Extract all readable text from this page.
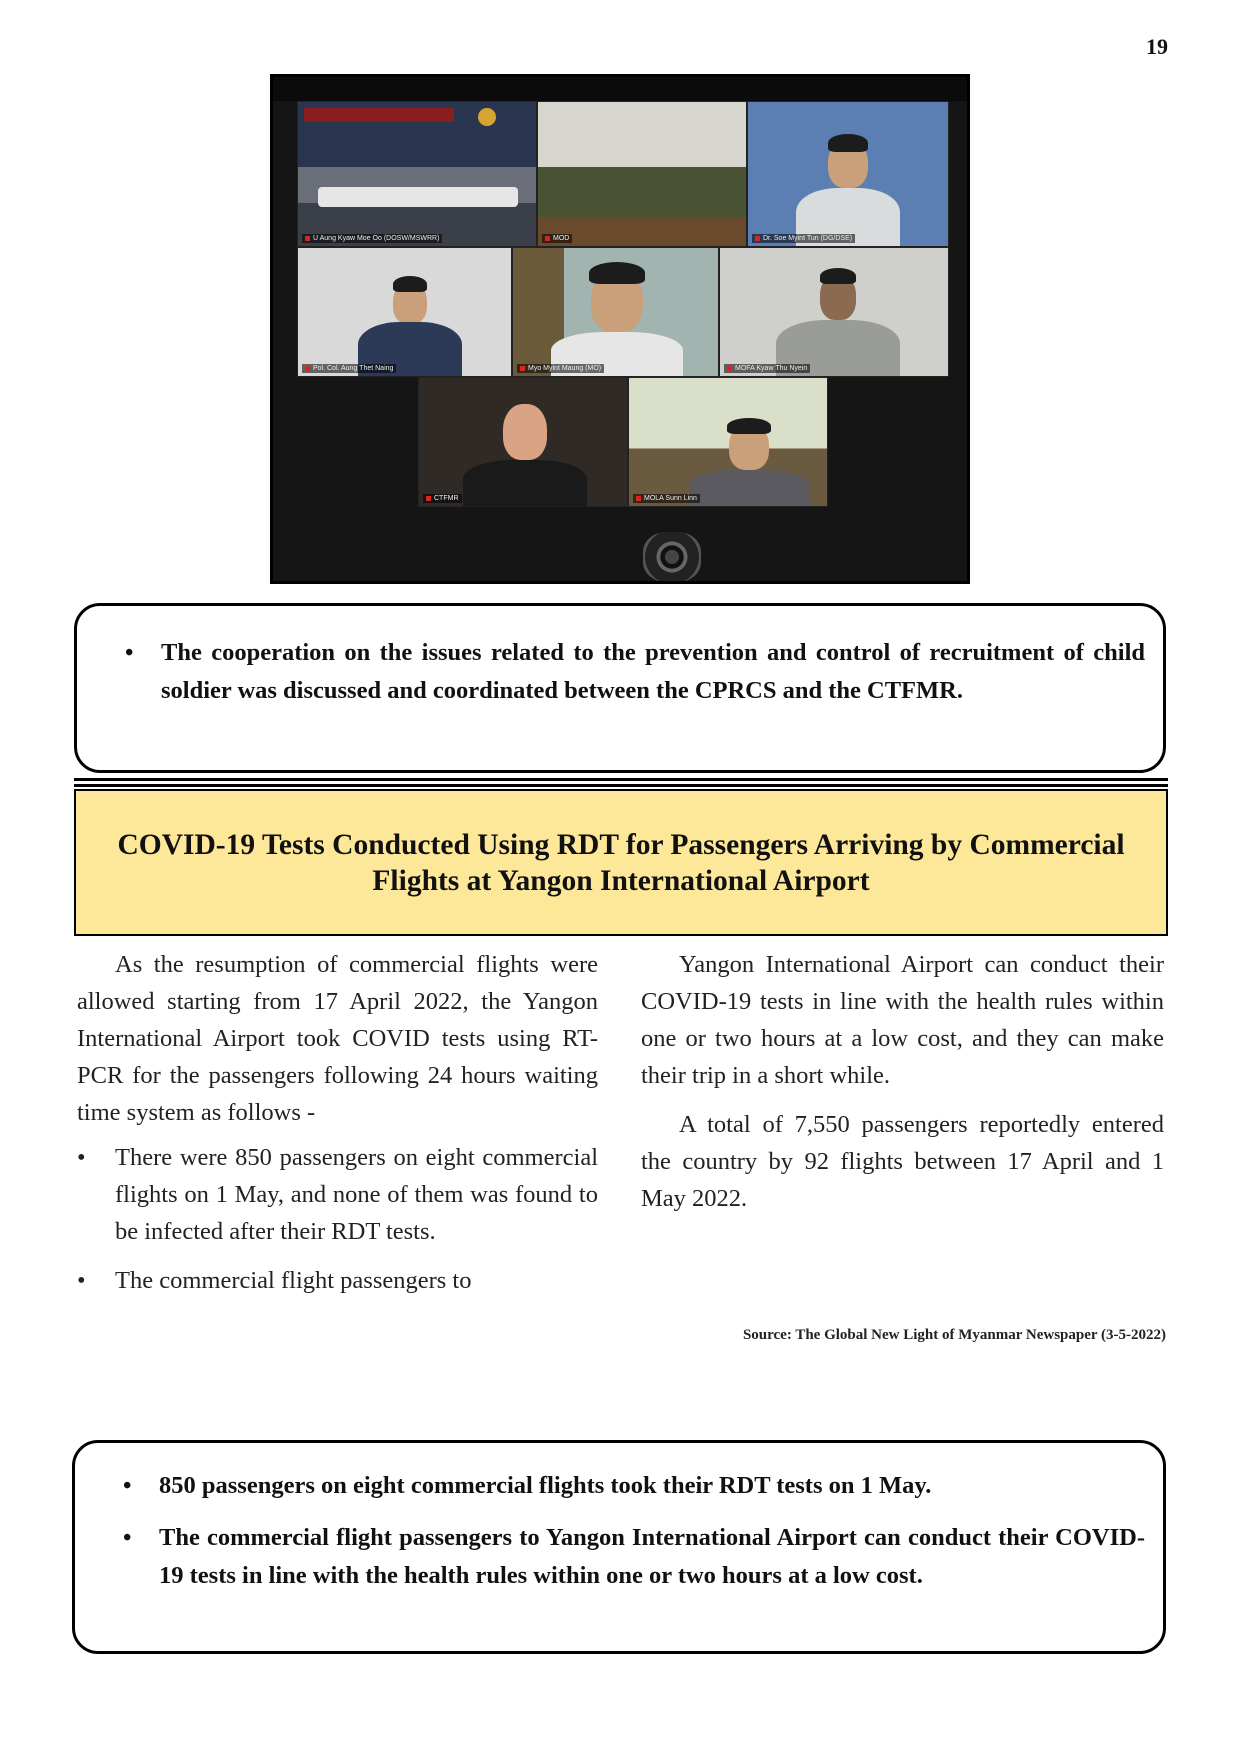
19
U Aung Kyaw Moe Oo (DOSW/MSWRR)	MOD	Dr. Soe Myint Tun (DG/DSE)
Pol. Col. Aung Thet Naing	Myo Myint Maung (MO)	MOFA Kyaw Thu Nyein
CTFMR	MOLA Sunn Linn
• The cooperation on the issues related to the prevention and control of recruitment of child soldier was discussed and coordinated between the CPRCS and the CTFMR.
COVID-19 Tests Conducted Using RDT for Passengers Arriving by Commercial Flights at Yangon International Airport

As the resumption of commercial flights were allowed starting from 17 April 2022, the Yangon International Airport took COVID tests using RT-PCR for the passengers following 24 hours waiting time system as follows -

• There were 850 passengers on eight commercial flights on 1 May, and none of them was found to be infected after their RDT tests.
• The commercial flight passengers to

Yangon International Airport can conduct their COVID-19 tests in line with the health rules within one or two hours at a low cost, and they can make their trip in a short while.

A total of 7,550 passengers reportedly entered the country by 92 flights between 17 April and 1 May 2022.

Source: The Global New Light of Myanmar Newspaper (3-5-2022)
• 850 passengers on eight commercial flights took their RDT tests on 1 May.
• The commercial flight passengers to Yangon International Airport can conduct their COVID-19 tests in line with the health rules within one or two hours at a low cost.
